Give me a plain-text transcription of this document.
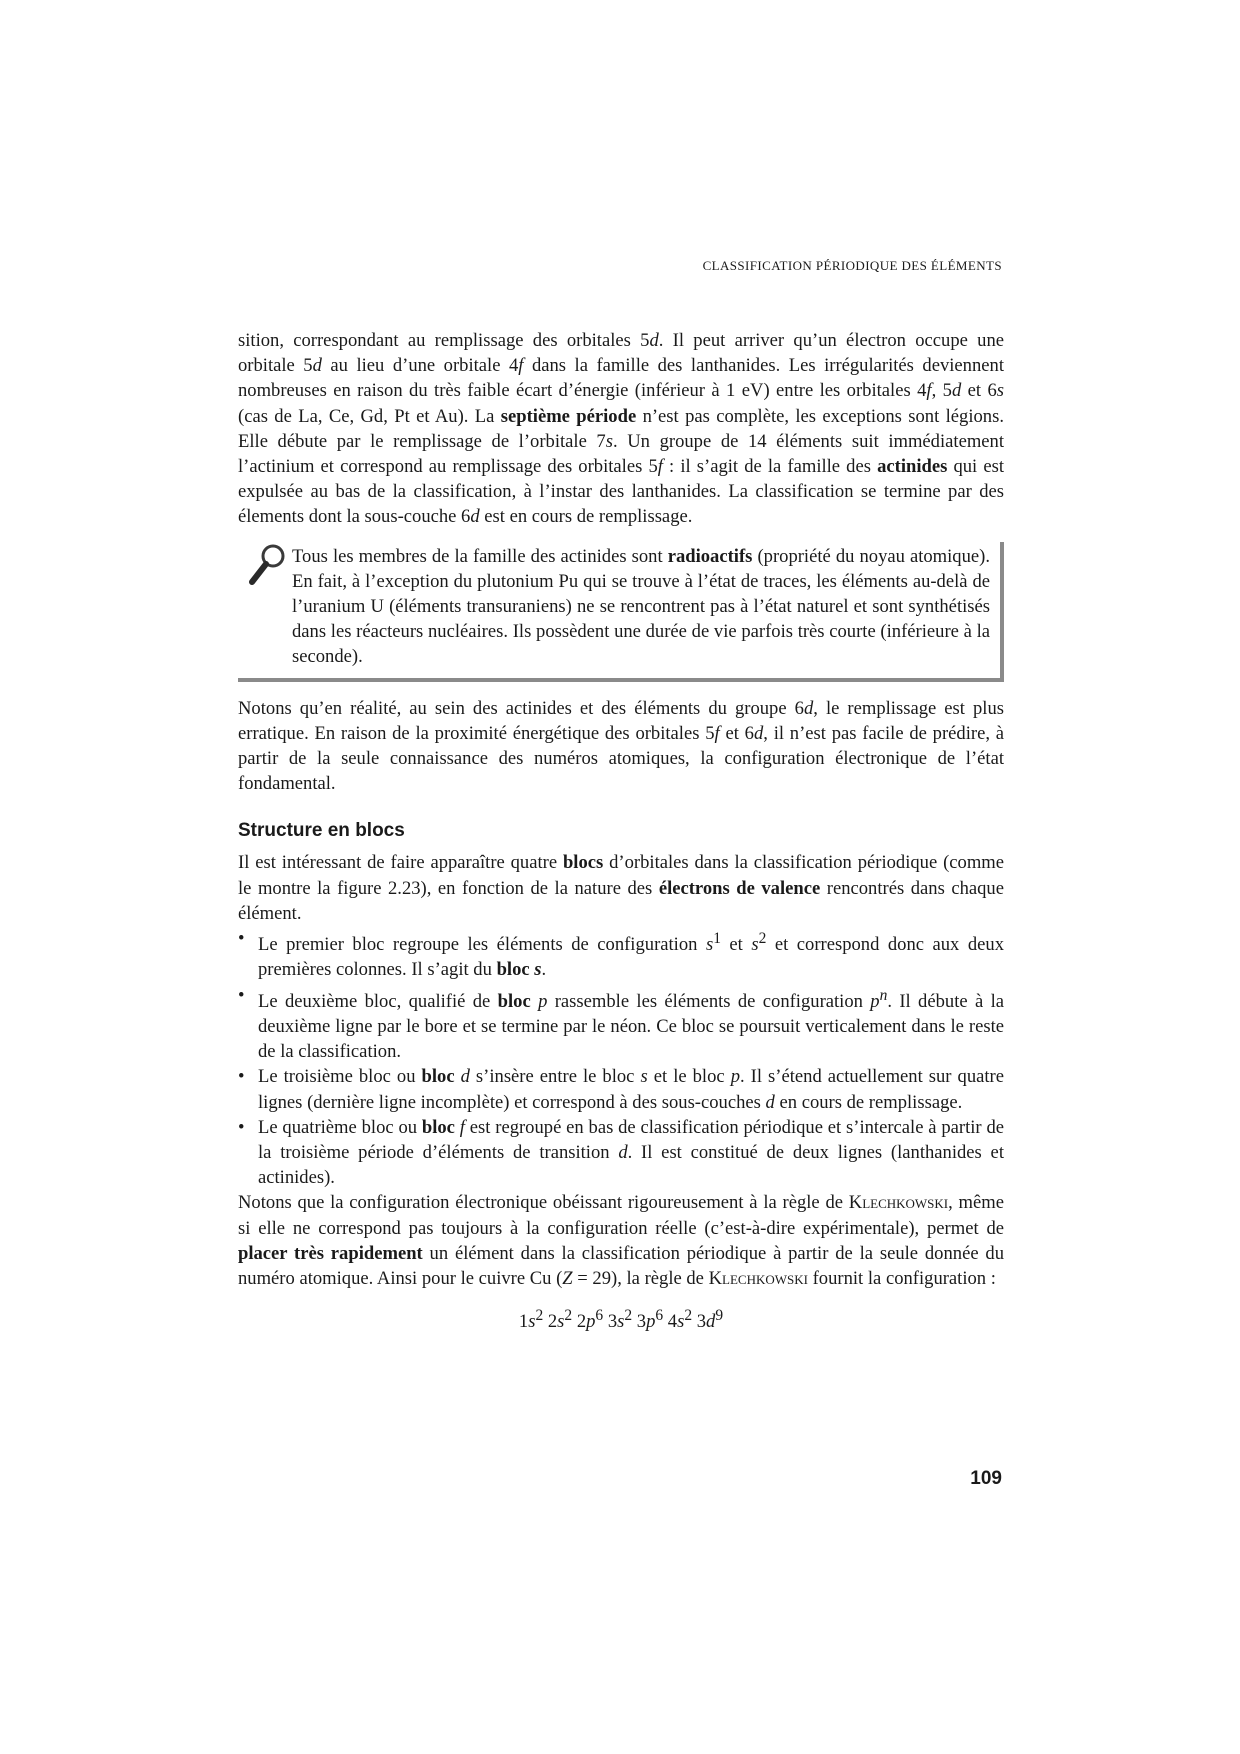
CLASSIFICATION PÉRIODIQUE DES ÉLÉMENTS

sition, correspondant au remplissage des orbitales 5d. Il peut arriver qu’un électron occupe une orbitale 5d au lieu d’une orbitale 4f dans la famille des lanthanides. Les irrégularités deviennent nombreuses en raison du très faible écart d’énergie (inférieur à 1 eV) entre les orbitales 4f, 5d et 6s (cas de La, Ce, Gd, Pt et Au). La septième période n’est pas complète, les exceptions sont légions. Elle débute par le remplissage de l’orbitale 7s. Un groupe de 14 éléments suit immédiatement l’actinium et correspond au remplissage des orbitales 5f : il s’agit de la famille des actinides qui est expulsée au bas de la classification, à l’instar des lanthanides. La classification se termine par des élements dont la sous-couche 6d est en cours de remplissage.

Tous les membres de la famille des actinides sont radioactifs (propriété du noyau atomique). En fait, à l’exception du plutonium Pu qui se trouve à l’état de traces, les éléments au-delà de l’uranium U (éléments transuraniens) ne se rencontrent pas à l’état naturel et sont synthétisés dans les réacteurs nucléaires. Ils possèdent une durée de vie parfois très courte (inférieure à la seconde).

Notons qu’en réalité, au sein des actinides et des éléments du groupe 6d, le remplissage est plus erratique. En raison de la proximité énergétique des orbitales 5f et 6d, il n’est pas facile de prédire, à partir de la seule connaissance des numéros atomiques, la configuration électronique de l’état fondamental.

Structure en blocs

Il est intéressant de faire apparaître quatre blocs d’orbitales dans la classification périodique (comme le montre la figure 2.23), en fonction de la nature des électrons de valence rencontrés dans chaque élément.

• Le premier bloc regroupe les éléments de configuration $s^1$ et $s^2$ et correspond donc aux deux premières colonnes. Il s’agit du bloc s.
• Le deuxième bloc, qualifié de bloc p rassemble les éléments de configuration $p^n$. Il débute à la deuxième ligne par le bore et se termine par le néon. Ce bloc se poursuit verticalement dans le reste de la classification.
• Le troisième bloc ou bloc d s’insère entre le bloc s et le bloc p. Il s’étend actuellement sur quatre lignes (dernière ligne incomplète) et correspond à des sous-couches d en cours de remplissage.
• Le quatrième bloc ou bloc f est regroupé en bas de classification périodique et s’intercale à partir de la troisième période d’éléments de transition d. Il est constitué de deux lignes (lanthanides et actinides).

Notons que la configuration électronique obéissant rigoureusement à la règle de Klechkowski, même si elle ne correspond pas toujours à la configuration réelle (c’est-à-dire expérimentale), permet de placer très rapidement un élément dans la classification périodique à partir de la seule donnée du numéro atomique. Ainsi pour le cuivre Cu (Z = 29), la règle de Klechkowski fournit la configuration :

$1s^2$ $2s^2$ $2p^6$ $3s^2$ $3p^6$ $4s^2$ $3d^9$
109
